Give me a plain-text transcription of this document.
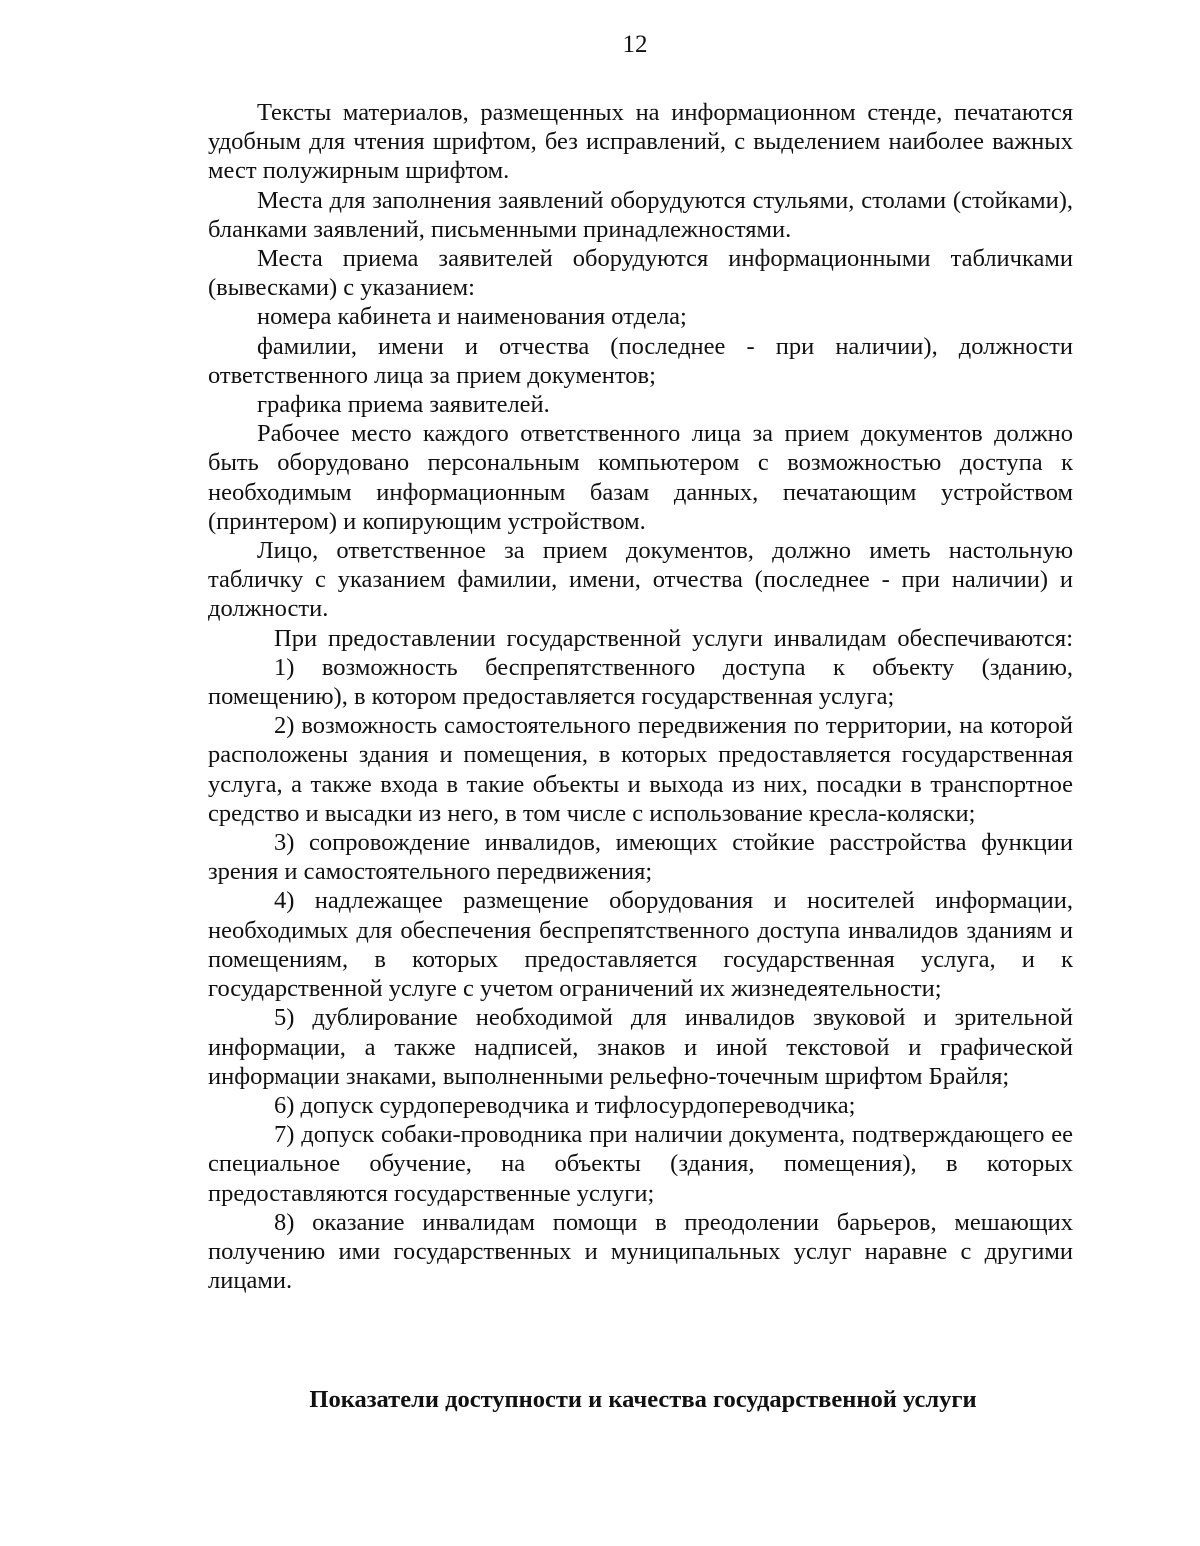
12

Тексты материалов, размещенных на информационном стенде, печатаются удобным для чтения шрифтом, без исправлений, с выделением наиболее важных мест полужирным шрифтом.

Места для заполнения заявлений оборудуются стульями, столами (стойками), бланками заявлений, письменными принадлежностями.

Места приема заявителей оборудуются информационными табличками (вывесками) с указанием:

номера кабинета и наименования отдела;

фамилии, имени и отчества (последнее - при наличии), должности ответственного лица за прием документов;

графика приема заявителей.

Рабочее место каждого ответственного лица за прием документов должно быть оборудовано персональным компьютером с возможностью доступа к необходимым информационным базам данных, печатающим устройством (принтером) и копирующим устройством.

Лицо, ответственное за прием документов, должно иметь настольную табличку с указанием фамилии, имени, отчества (последнее - при наличии) и должности.

При предоставлении государственной услуги инвалидам обеспечиваются:

1) возможность беспрепятственного доступа к объекту (зданию, помещению), в котором предоставляется государственная услуга;

2) возможность самостоятельного передвижения по территории, на которой расположены здания и помещения, в которых предоставляется государственная услуга, а также входа в такие объекты и выхода из них, посадки в транспортное средство и высадки из него, в том числе с использование кресла-коляски;

3) сопровождение инвалидов, имеющих стойкие расстройства функции зрения и самостоятельного передвижения;

4) надлежащее размещение оборудования и носителей информации, необходимых для обеспечения беспрепятственного доступа инвалидов зданиям и помещениям, в которых предоставляется государственная услуга, и к государственной услуге с учетом ограничений их жизнедеятельности;

5) дублирование необходимой для инвалидов звуковой и зрительной информации, а также надписей, знаков и иной текстовой и графической информации знаками, выполненными рельефно-точечным шрифтом Брайля;

6) допуск сурдопереводчика и тифлосурдопереводчика;

7) допуск собаки-проводника при наличии документа, подтверждающего ее специальное обучение, на объекты (здания, помещения), в которых предоставляются государственные услуги;

8) оказание инвалидам помощи в преодолении барьеров, мешающих получению ими государственных и муниципальных услуг наравне с другими лицами.

Показатели доступности и качества государственной услуги
